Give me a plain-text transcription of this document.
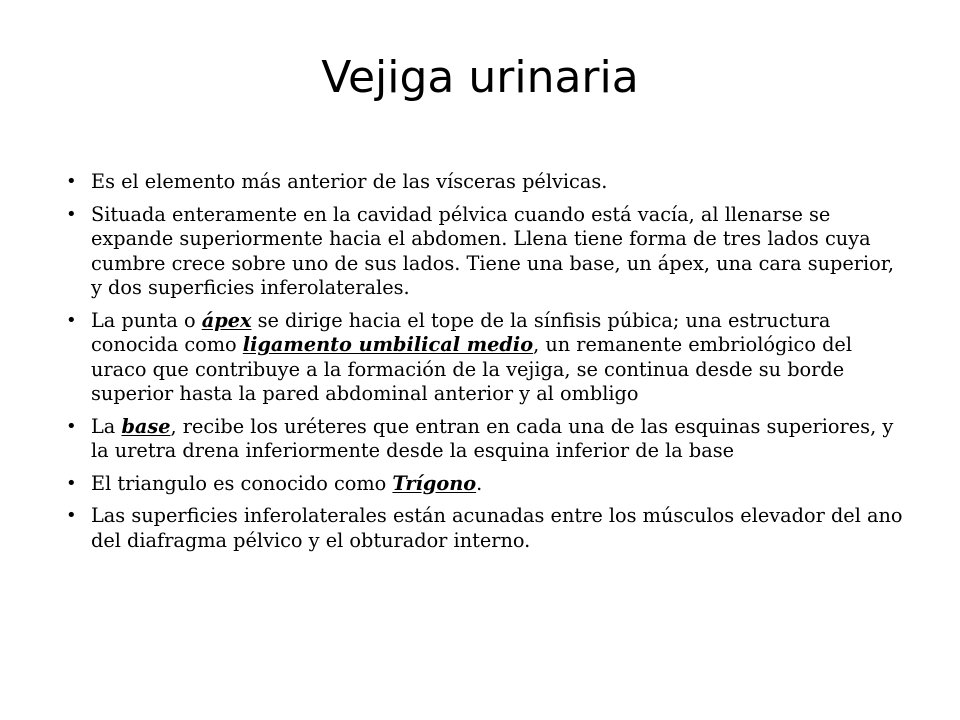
Vejiga urinaria
• Es el elemento más anterior de las vísceras pélvicas.
• Situada enteramente en la cavidad pélvica cuando está vacía, al llenarse se expande superiormente hacia el abdomen. Llena tiene forma de tres lados cuya cumbre crece sobre uno de sus lados. Tiene una base, un ápex, una cara superior, y dos superficies inferolaterales.
• La punta o ápex se dirige hacia el tope de la sínfisis púbica; una estructura conocida como ligamento umbilical medio, un remanente embriológico del uraco que contribuye a la formación de la vejiga, se continua desde su borde superior hasta la pared abdominal anterior y al ombligo
• La base, recibe los uréteres que entran en cada una de las esquinas superiores, y la uretra drena inferiormente desde la esquina inferior de la base
• El triangulo es conocido como Trígono.
• Las superficies inferolaterales están acunadas entre los músculos elevador del ano del diafragma pélvico y el obturador interno.
